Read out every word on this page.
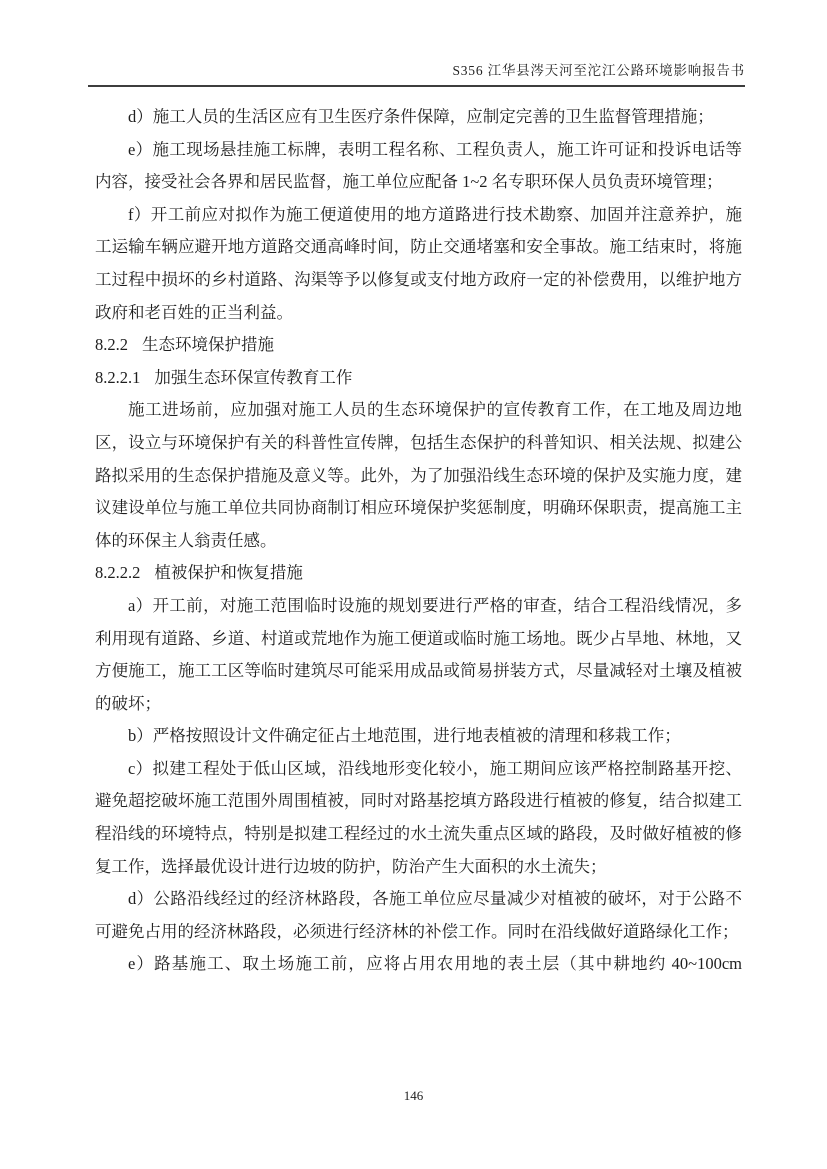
S356 江华县涔天河至沱江公路环境影响报告书

d）施工人员的生活区应有卫生医疗条件保障，应制定完善的卫生监督管理措施；

e）施工现场悬挂施工标牌，表明工程名称、工程负责人，施工许可证和投诉电话等内容，接受社会各界和居民监督，施工单位应配备 1~2 名专职环保人员负责环境管理；

f）开工前应对拟作为施工便道使用的地方道路进行技术勘察、加固并注意养护，施工运输车辆应避开地方道路交通高峰时间，防止交通堵塞和安全事故。施工结束时，将施工过程中损坏的乡村道路、沟渠等予以修复或支付地方政府一定的补偿费用，以维护地方政府和老百姓的正当利益。

8.2.2 生态环境保护措施

8.2.2.1 加强生态环保宣传教育工作

施工进场前，应加强对施工人员的生态环境保护的宣传教育工作，在工地及周边地区，设立与环境保护有关的科普性宣传牌，包括生态保护的科普知识、相关法规、拟建公路拟采用的生态保护措施及意义等。此外，为了加强沿线生态环境的保护及实施力度，建议建设单位与施工单位共同协商制订相应环境保护奖惩制度，明确环保职责，提高施工主体的环保主人翁责任感。

8.2.2.2 植被保护和恢复措施

a）开工前，对施工范围临时设施的规划要进行严格的审查，结合工程沿线情况，多利用现有道路、乡道、村道或荒地作为施工便道或临时施工场地。既少占旱地、林地，又方便施工，施工工区等临时建筑尽可能采用成品或简易拼装方式，尽量减轻对土壤及植被的破坏；

b）严格按照设计文件确定征占土地范围，进行地表植被的清理和移栽工作；

c）拟建工程处于低山区域，沿线地形变化较小，施工期间应该严格控制路基开挖、避免超挖破坏施工范围外周围植被，同时对路基挖填方路段进行植被的修复，结合拟建工程沿线的环境特点，特别是拟建工程经过的水土流失重点区域的路段，及时做好植被的修复工作，选择最优设计进行边坡的防护，防治产生大面积的水土流失；

d）公路沿线经过的经济林路段，各施工单位应尽量减少对植被的破坏，对于公路不可避免占用的经济林路段，必须进行经济林的补偿工作。同时在沿线做好道路绿化工作；

e）路基施工、取土场施工前，应将占用农用地的表土层（其中耕地约 40~100cm

146
